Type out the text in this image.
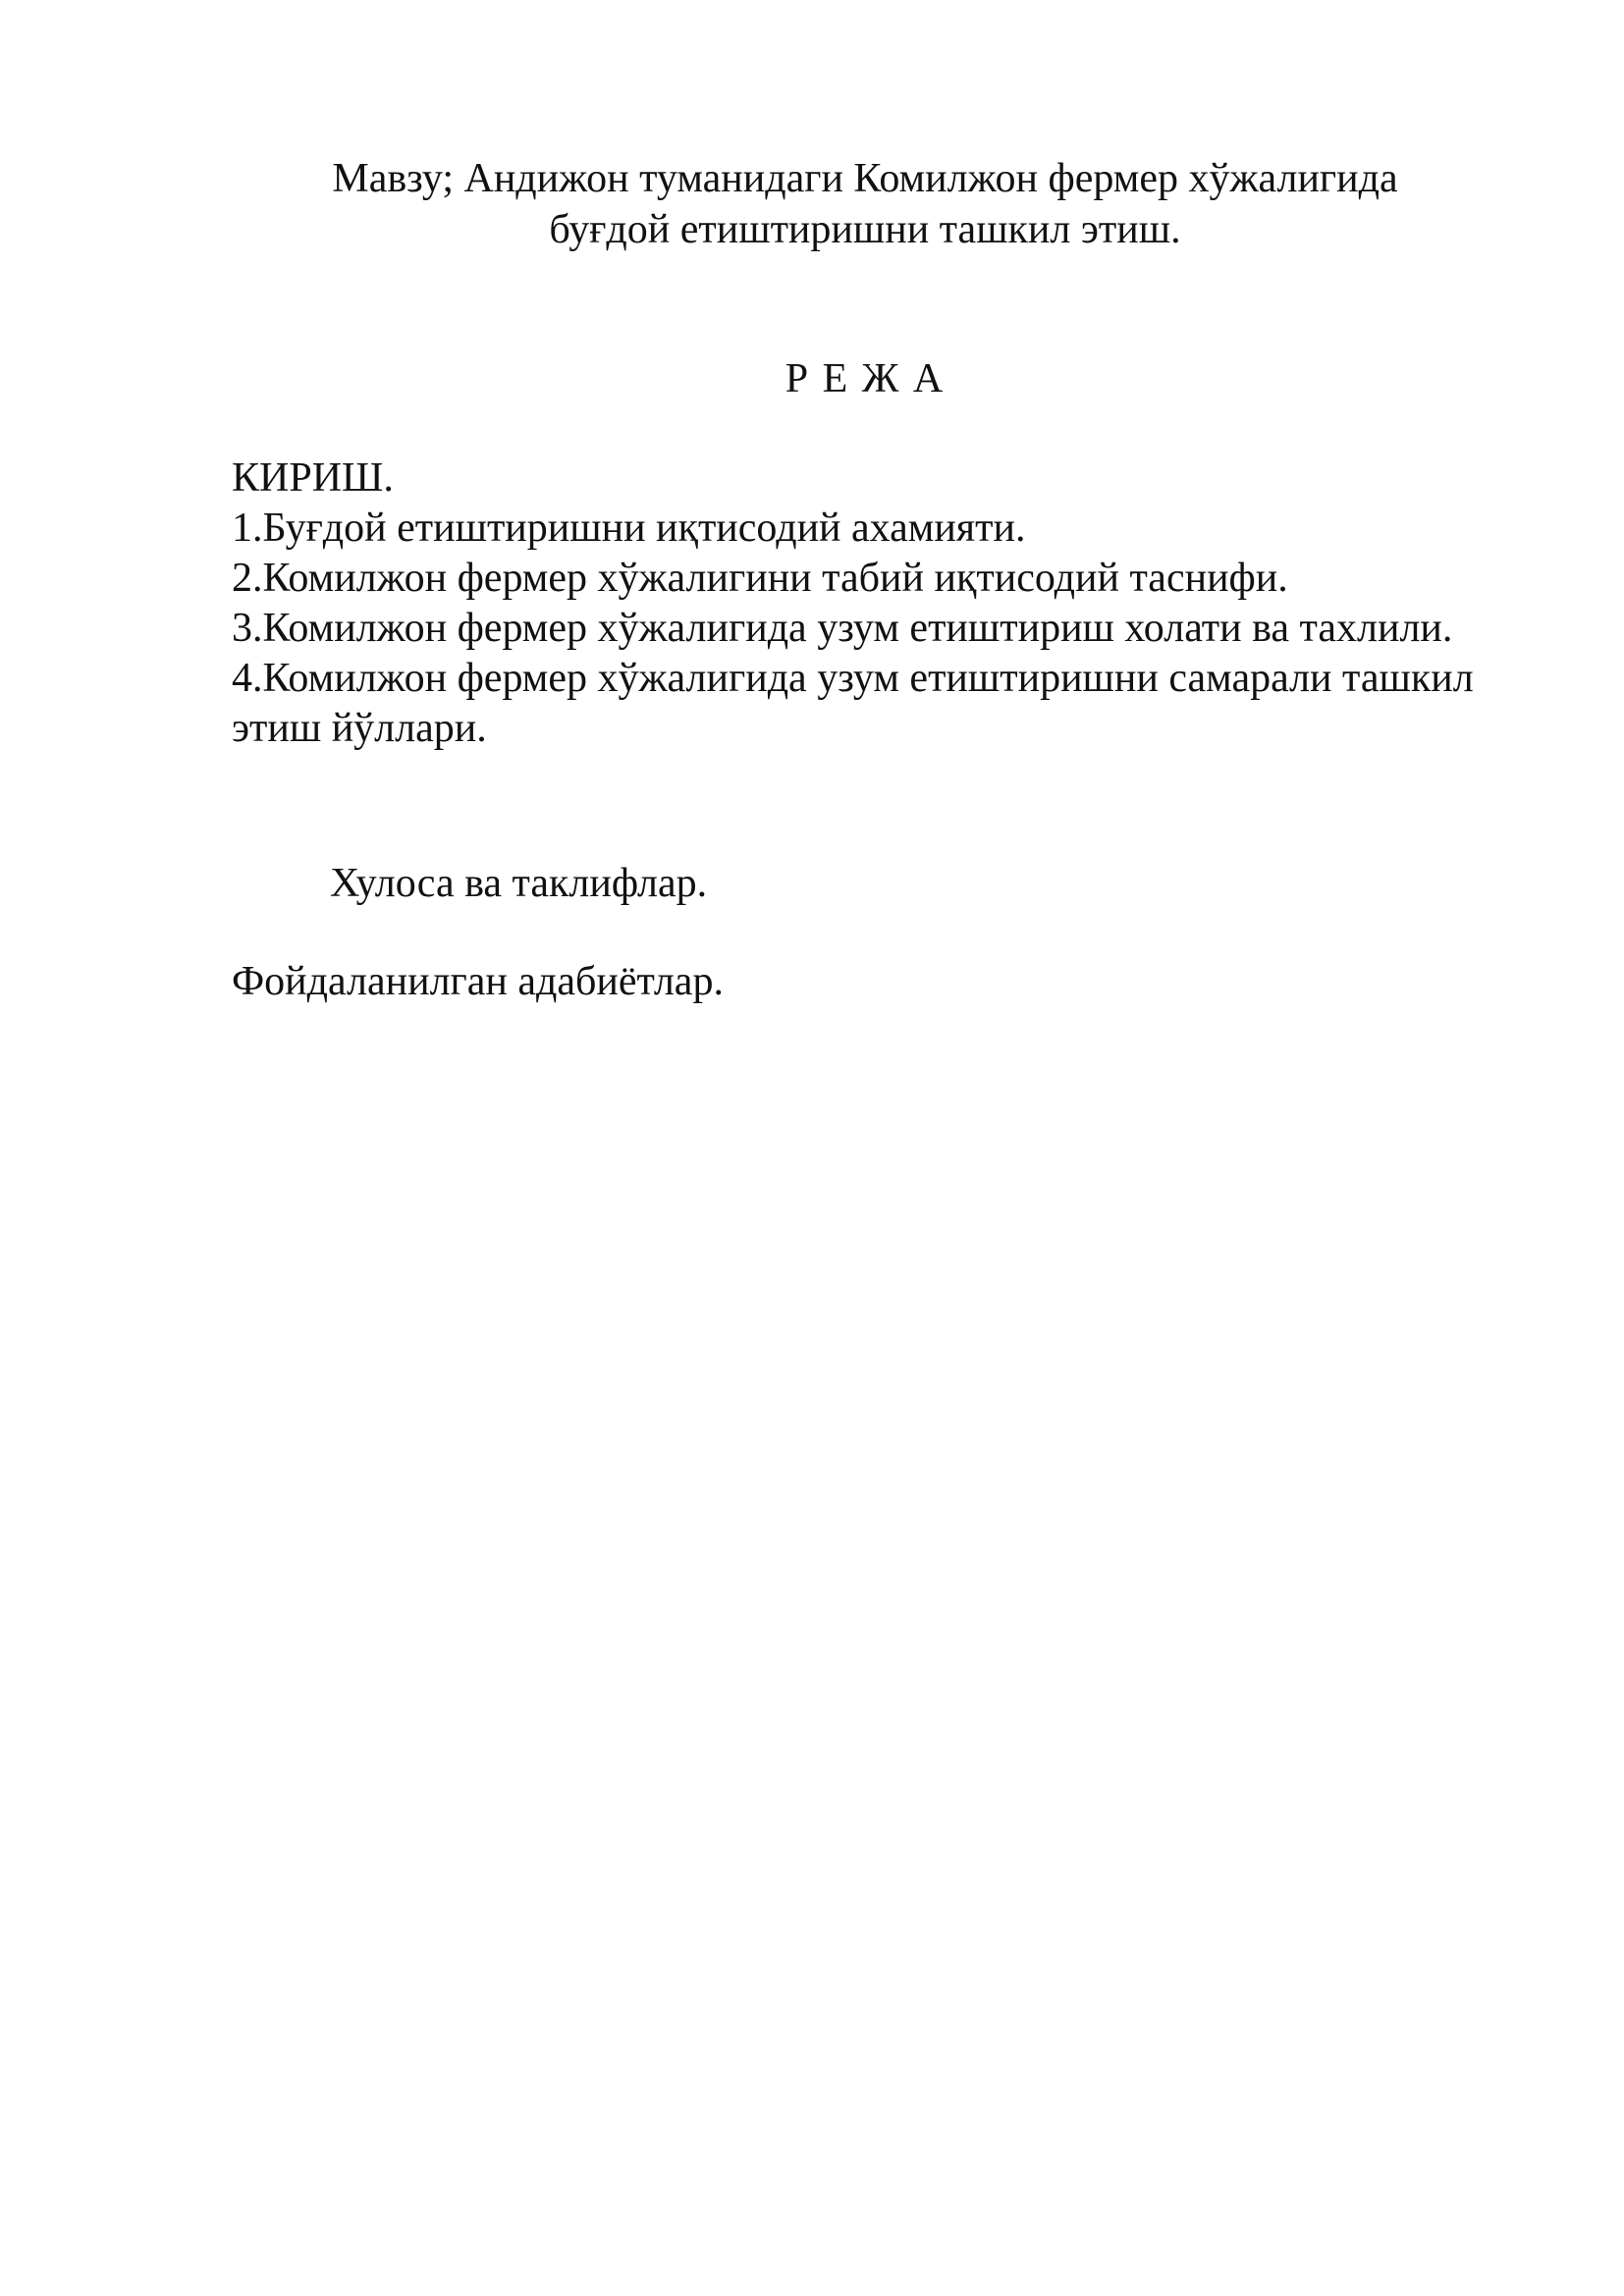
Мавзу; Андижон туманидаги Комилжон фермер хўжалигида
буғдой етиштиришни ташкил этиш.
Р Е Ж А
КИРИШ.
1.Буғдой етиштиришни иқтисодий ахамияти.
2.Комилжон фермер хўжалигини табий иқтисодий таснифи.
3.Комилжон фермер хўжалигида узум етиштириш холати ва тахлили.
4.Комилжон фермер хўжалигида узум етиштиришни самарали ташкил этиш йўллари.

Хулоса ва таклифлар.

Фойдаланилган адабиётлар.
